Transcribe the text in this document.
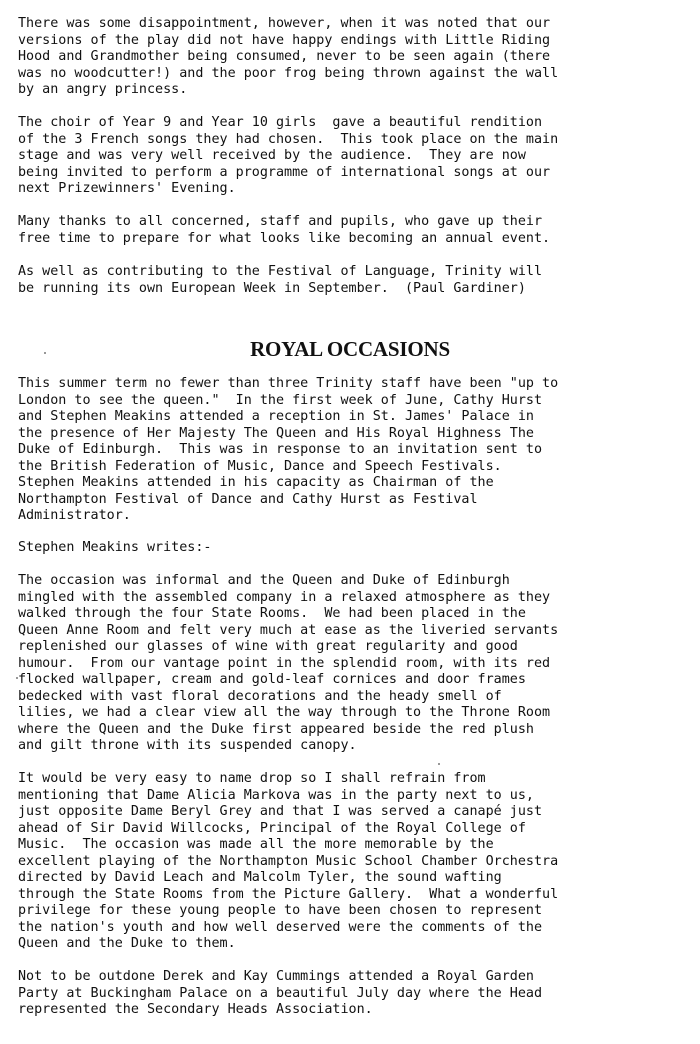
There was some disappointment, however, when it was noted that our
versions of the play did not have happy endings with Little Riding
Hood and Grandmother being consumed, never to be seen again (there
was no woodcutter!) and the poor frog being thrown against the wall
by an angry princess.
The choir of Year 9 and Year 10 girls  gave a beautiful rendition
of the 3 French songs they had chosen.  This took place on the main
stage and was very well received by the audience.  They are now
being invited to perform a programme of international songs at our
next Prizewinners' Evening.
Many thanks to all concerned, staff and pupils, who gave up their
free time to prepare for what looks like becoming an annual event.
As well as contributing to the Festival of Language, Trinity will
be running its own European Week in September.  (Paul Gardiner)
ROYAL OCCASIONS
This summer term no fewer than three Trinity staff have been "up to
London to see the queen."  In the first week of June, Cathy Hurst
and Stephen Meakins attended a reception in St. James' Palace in
the presence of Her Majesty The Queen and His Royal Highness The
Duke of Edinburgh.  This was in response to an invitation sent to
the British Federation of Music, Dance and Speech Festivals.
Stephen Meakins attended in his capacity as Chairman of the
Northampton Festival of Dance and Cathy Hurst as Festival
Administrator.
Stephen Meakins writes:-
The occasion was informal and the Queen and Duke of Edinburgh
mingled with the assembled company in a relaxed atmosphere as they
walked through the four State Rooms.  We had been placed in the
Queen Anne Room and felt very much at ease as the liveried servants
replenished our glasses of wine with great regularity and good
humour.  From our vantage point in the splendid room, with its red
flocked wallpaper, cream and gold-leaf cornices and door frames
bedecked with vast floral decorations and the heady smell of
lilies, we had a clear view all the way through to the Throne Room
where the Queen and the Duke first appeared beside the red plush
and gilt throne with its suspended canopy.
It would be very easy to name drop so I shall refrain from
mentioning that Dame Alicia Markova was in the party next to us,
just opposite Dame Beryl Grey and that I was served a canapé just
ahead of Sir David Willcocks, Principal of the Royal College of
Music.  The occasion was made all the more memorable by the
excellent playing of the Northampton Music School Chamber Orchestra
directed by David Leach and Malcolm Tyler, the sound wafting
through the State Rooms from the Picture Gallery.  What a wonderful
privilege for these young people to have been chosen to represent
the nation's youth and how well deserved were the comments of the
Queen and the Duke to them.
Not to be outdone Derek and Kay Cummings attended a Royal Garden
Party at Buckingham Palace on a beautiful July day where the Head
represented the Secondary Heads Association.
